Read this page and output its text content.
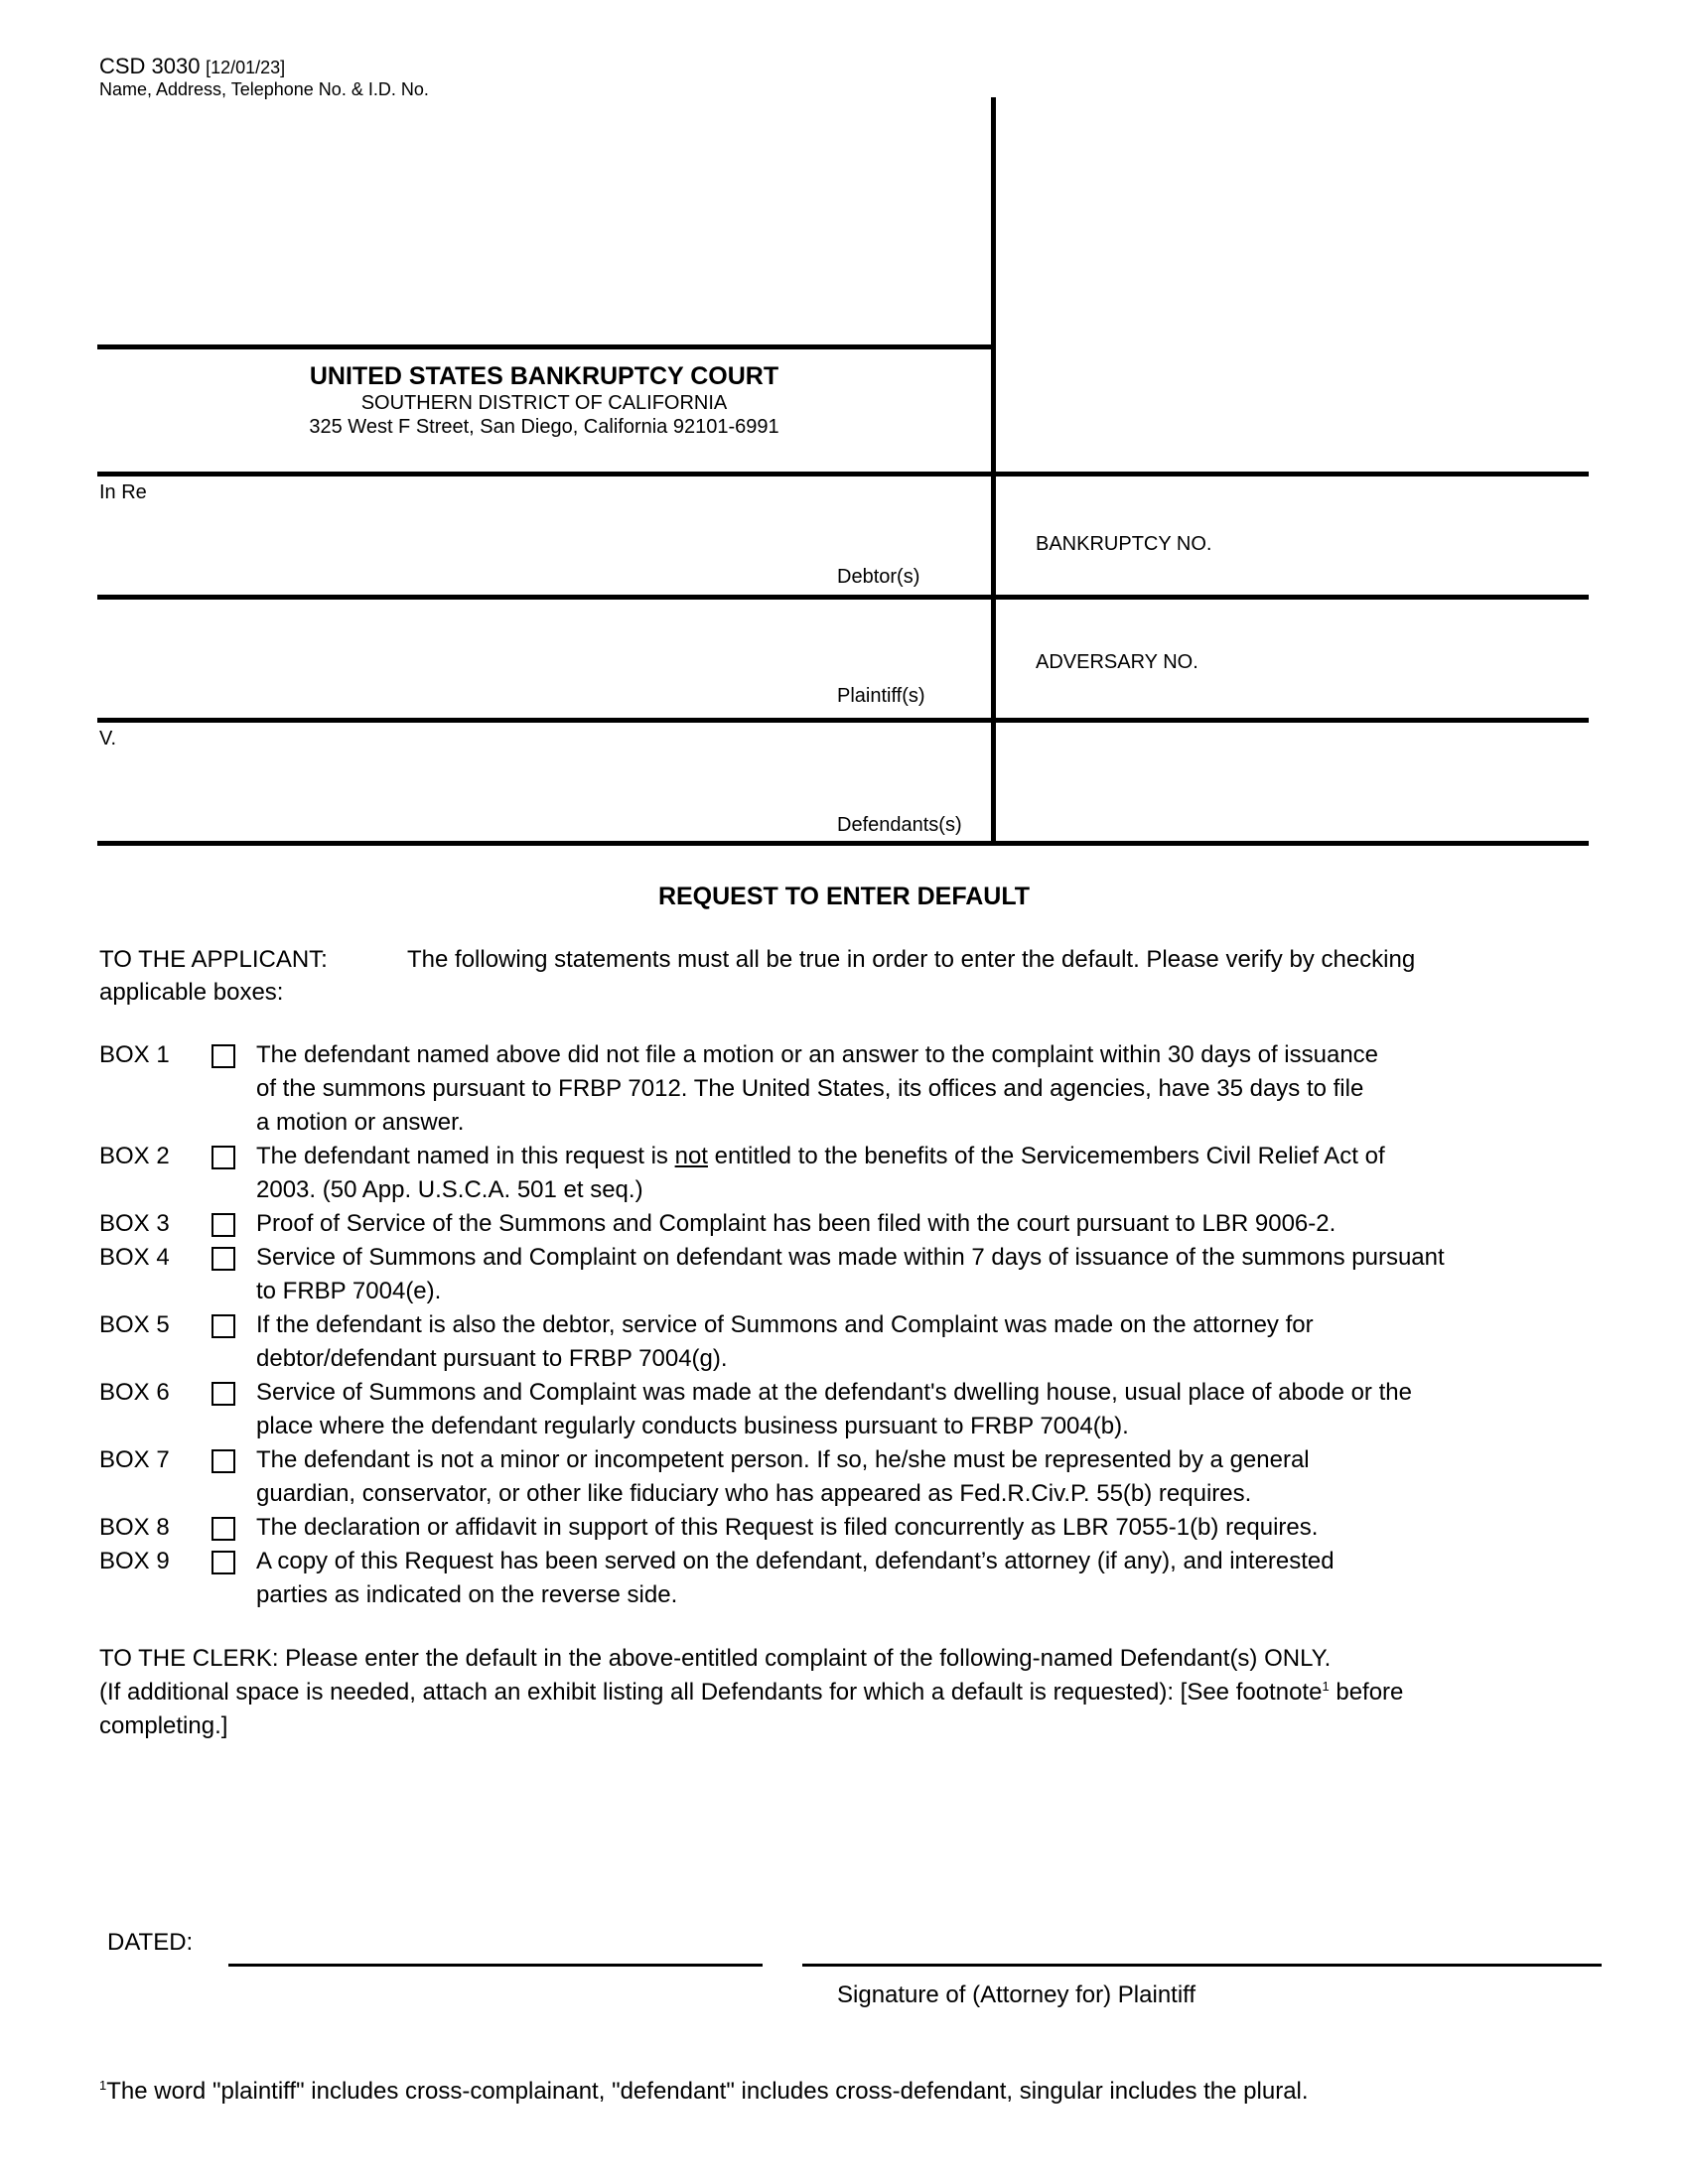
CSD 3030 [12/01/23]
Name, Address, Telephone No. & I.D. No.
UNITED STATES BANKRUPTCY COURT
SOUTHERN DISTRICT OF CALIFORNIA
325 West F Street, San Diego, California 92101-6991
In Re
Debtor(s)
BANKRUPTCY NO.
Plaintiff(s)
ADVERSARY NO.
V.
Defendants(s)
REQUEST TO ENTER DEFAULT
TO THE APPLICANT:	The following statements must all be true in order to enter the default. Please verify by checking
applicable boxes:
BOX 1	The defendant named above did not file a motion or an answer to the complaint within 30 days of issuance
of the summons pursuant to FRBP 7012. The United States, its offices and agencies, have 35 days to file
a motion or answer.
BOX 2	The defendant named in this request is not entitled to the benefits of the Servicemembers Civil Relief Act of
2003. (50 App. U.S.C.A. 501 et seq.)
BOX 3	Proof of Service of the Summons and Complaint has been filed with the court pursuant to LBR 9006-2.
BOX 4	Service of Summons and Complaint on defendant was made within 7 days of issuance of the summons pursuant
to FRBP 7004(e).
BOX 5	If the defendant is also the debtor, service of Summons and Complaint was made on the attorney for
debtor/defendant pursuant to FRBP 7004(g).
BOX 6	Service of Summons and Complaint was made at the defendant's dwelling house, usual place of abode or the
place where the defendant regularly conducts business pursuant to FRBP 7004(b).
BOX 7	The defendant is not a minor or incompetent person. If so, he/she must be represented by a general
guardian, conservator, or other like fiduciary who has appeared as Fed.R.Civ.P. 55(b) requires.
BOX 8	The declaration or affidavit in support of this Request is filed concurrently as LBR 7055-1(b) requires.
BOX 9	A copy of this Request has been served on the defendant, defendant’s attorney (if any), and interested
parties as indicated on the reverse side.
TO THE CLERK: Please enter the default in the above-entitled complaint of the following-named Defendant(s) ONLY.
(If additional space is needed, attach an exhibit listing all Defendants for which a default is requested): [See footnote$^1$ before
completing.]
DATED:
Signature of (Attorney for) Plaintiff
$^1$The word "plaintiff" includes cross-complainant, "defendant" includes cross-defendant, singular includes the plural.
